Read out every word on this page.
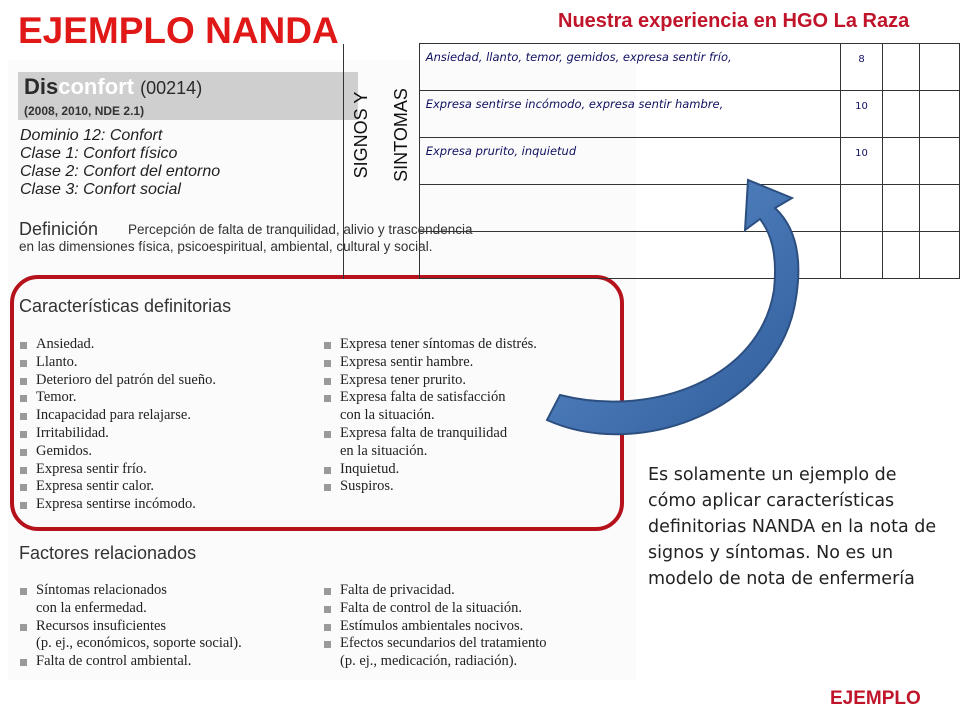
EJEMPLO NANDA	Nuestra experiencia en HGO La Raza
Disconfort (00214)
(2008, 2010, NDE 2.1)
Dominio 12: Confort
Clase 1: Confort físico
Clase 2: Confort del entorno
Clase 3: Confort social
Definición Percepción de falta de tranquilidad, alivio y trascendencia
en las dimensiones física, psicoespiritual, ambiental, cultural y social.
Características definitorias
Ansiedad.
Llanto.
Deterioro del patrón del sueño.
Temor.
Incapacidad para relajarse.
Irritabilidad.
Gemidos.
Expresa sentir frío.
Expresa sentir calor.
Expresa sentirse incómodo.
Expresa tener síntomas de distrés.
Expresa sentir hambre.
Expresa tener prurito.
Expresa falta de satisfacción
con la situación.
Expresa falta de tranquilidad
en la situación.
Inquietud.
Suspiros.
Factores relacionados
Síntomas relacionados
con la enfermedad.
Recursos insuficientes
(p. ej., económicos, soporte social).
Falta de control ambiental.
Falta de privacidad.
Falta de control de la situación.
Estímulos ambientales nocivos.
Efectos secundarios del tratamiento
(p. ej., medicación, radiación).
	Ansiedad, llanto, temor, gemidos, expresa sentir frío,	8		
	Expresa sentirse incómodo, expresa sentir hambre,	10		
	Expresa prurito, inquietud	10		

SIGNOS Y SINTOMAS
Es solamente un ejemplo de cómo aplicar características definitorias NANDA en la nota de signos y síntomas. No es un modelo de nota de enfermería
EJEMPLO
